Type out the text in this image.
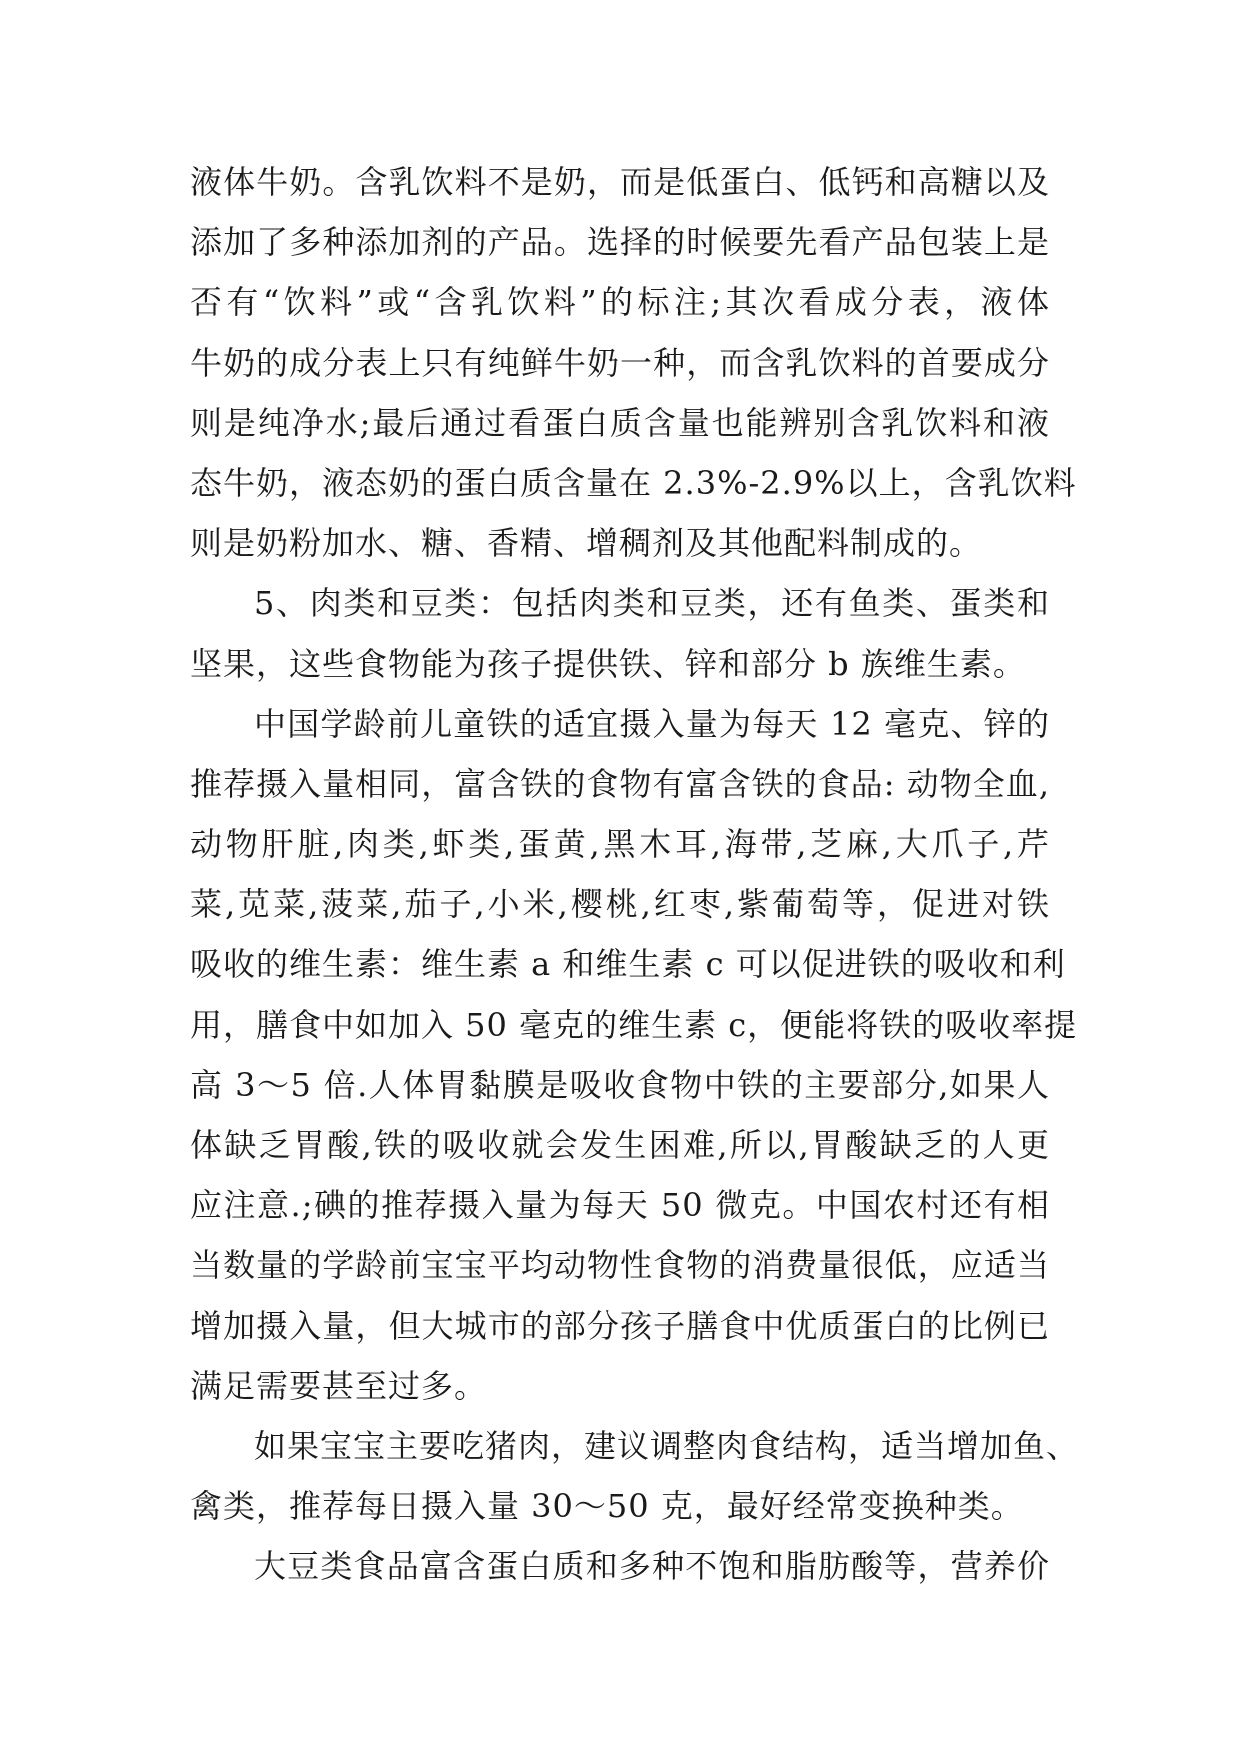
液体牛奶。含乳饮料不是奶，而是低蛋白、低钙和高糖以及
添加了多种添加剂的产品。选择的时候要先看产品包装上是
否有“饮料”或“含乳饮料”的标注;其次看成分表，液体
牛奶的成分表上只有纯鲜牛奶一种，而含乳饮料的首要成分
则是纯净水;最后通过看蛋白质含量也能辨别含乳饮料和液
态牛奶，液态奶的蛋白质含量在 2.3%-2.9%以上，含乳饮料
则是奶粉加水、糖、香精、增稠剂及其他配料制成的。
5、肉类和豆类：包括肉类和豆类，还有鱼类、蛋类和
坚果，这些食物能为孩子提供铁、锌和部分 b 族维生素。
中国学龄前儿童铁的适宜摄入量为每天 12 毫克、锌的
推荐摄入量相同，富含铁的食物有富含铁的食品: 动物全血,
动物肝脏,肉类,虾类,蛋黄,黑木耳,海带,芝麻,大爪子,芹
菜,苋菜,菠菜,茄子,小米,樱桃,红枣,紫葡萄等，促进对铁
吸收的维生素：维生素 a 和维生素 c 可以促进铁的吸收和利
用，膳食中如加入 50 毫克的维生素 c，便能将铁的吸收率提
高 3～5 倍.人体胃黏膜是吸收食物中铁的主要部分,如果人
体缺乏胃酸,铁的吸收就会发生困难,所以,胃酸缺乏的人更
应注意.;碘的推荐摄入量为每天 50 微克。中国农村还有相
当数量的学龄前宝宝平均动物性食物的消费量很低，应适当
增加摄入量，但大城市的部分孩子膳食中优质蛋白的比例已
满足需要甚至过多。
如果宝宝主要吃猪肉，建议调整肉食结构，适当增加鱼、
禽类，推荐每日摄入量 30～50 克，最好经常变换种类。
大豆类食品富含蛋白质和多种不饱和脂肪酸等，营养价
